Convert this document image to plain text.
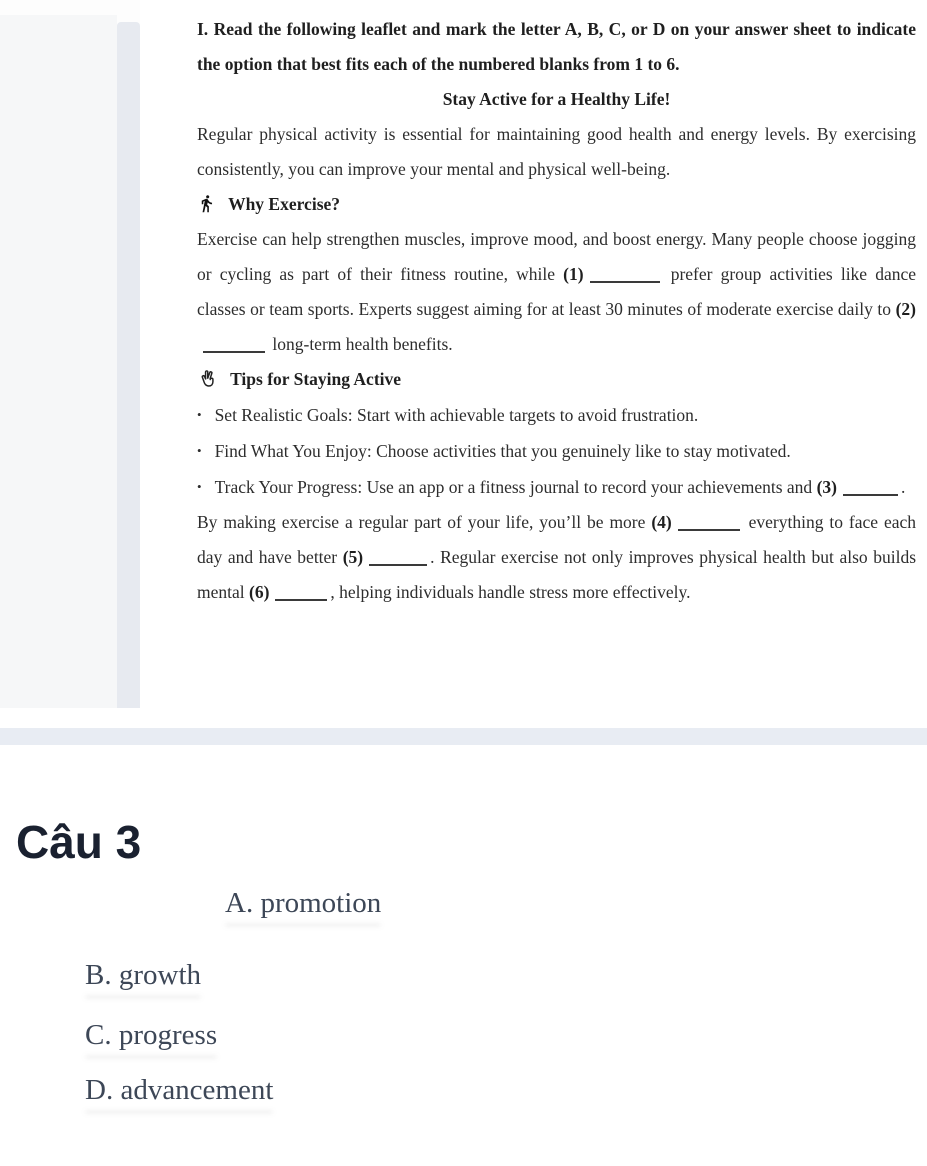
I. Read the following leaflet and mark the letter A, B, C, or D on your answer sheet to indicate the option that best fits each of the numbered blanks from 1 to 6.

Stay Active for a Healthy Life!

Regular physical activity is essential for maintaining good health and energy levels. By exercising consistently, you can improve your mental and physical well-being.

Why Exercise?

Exercise can help strengthen muscles, improve mood, and boost energy. Many people choose jogging or cycling as part of their fitness routine, while (1)	prefer group activities like dance classes or team sports. Experts suggest aiming for at least 30 minutes of moderate exercise daily to (2) long-term health benefits.

Tips for Staying Active

• Set Realistic Goals: Start with achievable targets to avoid frustration.

• Find What You Enjoy: Choose activities that you genuinely like to stay motivated.

• Track Your Progress: Use an app or a fitness journal to record your achievements and (3)	.

By making exercise a regular part of your life, you’ll be more (4)	everything to face each day and have better (5)	. Regular exercise not only improves physical health but also builds mental (6)	, helping individuals handle stress more effectively.

Câu 3
A. promotion
B. growth
C. progress
D. advancement
